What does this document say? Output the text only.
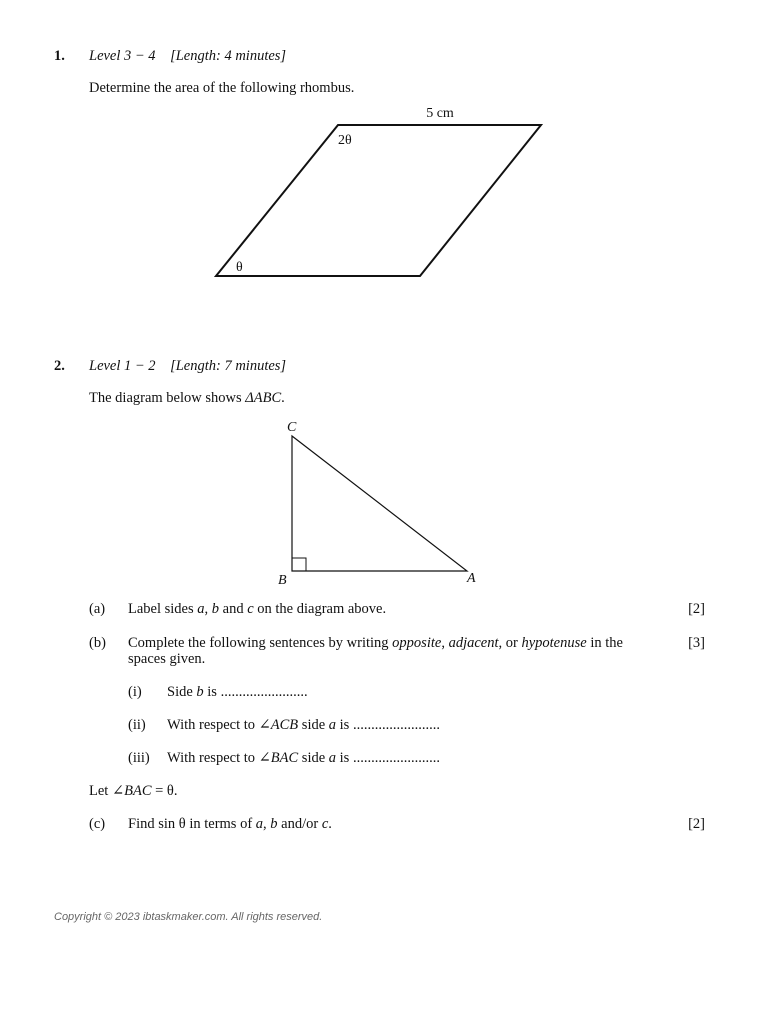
1. Level 3 − 4 [Length: 4 minutes]
Determine the area of the following rhombus.
5 cm
2θ
θ
2. Level 1 − 2 [Length: 7 minutes]
The diagram below shows ΔABC.
C
B	A
(a) Label sides a, b and c on the diagram above.	[2]
(b) Complete the following sentences by writing opposite, adjacent, or hypotenuse in the
spaces given.
[3]
(i) Side b is ........................
(ii) With respect to ∠ACB side a is ........................
(iii) With respect to ∠BAC side a is ........................
Let ∠BAC = θ.
(c) Find sin θ in terms of a, b and/or c.	[2]
Copyright © 2023 ibtaskmaker.com. All rights reserved.
